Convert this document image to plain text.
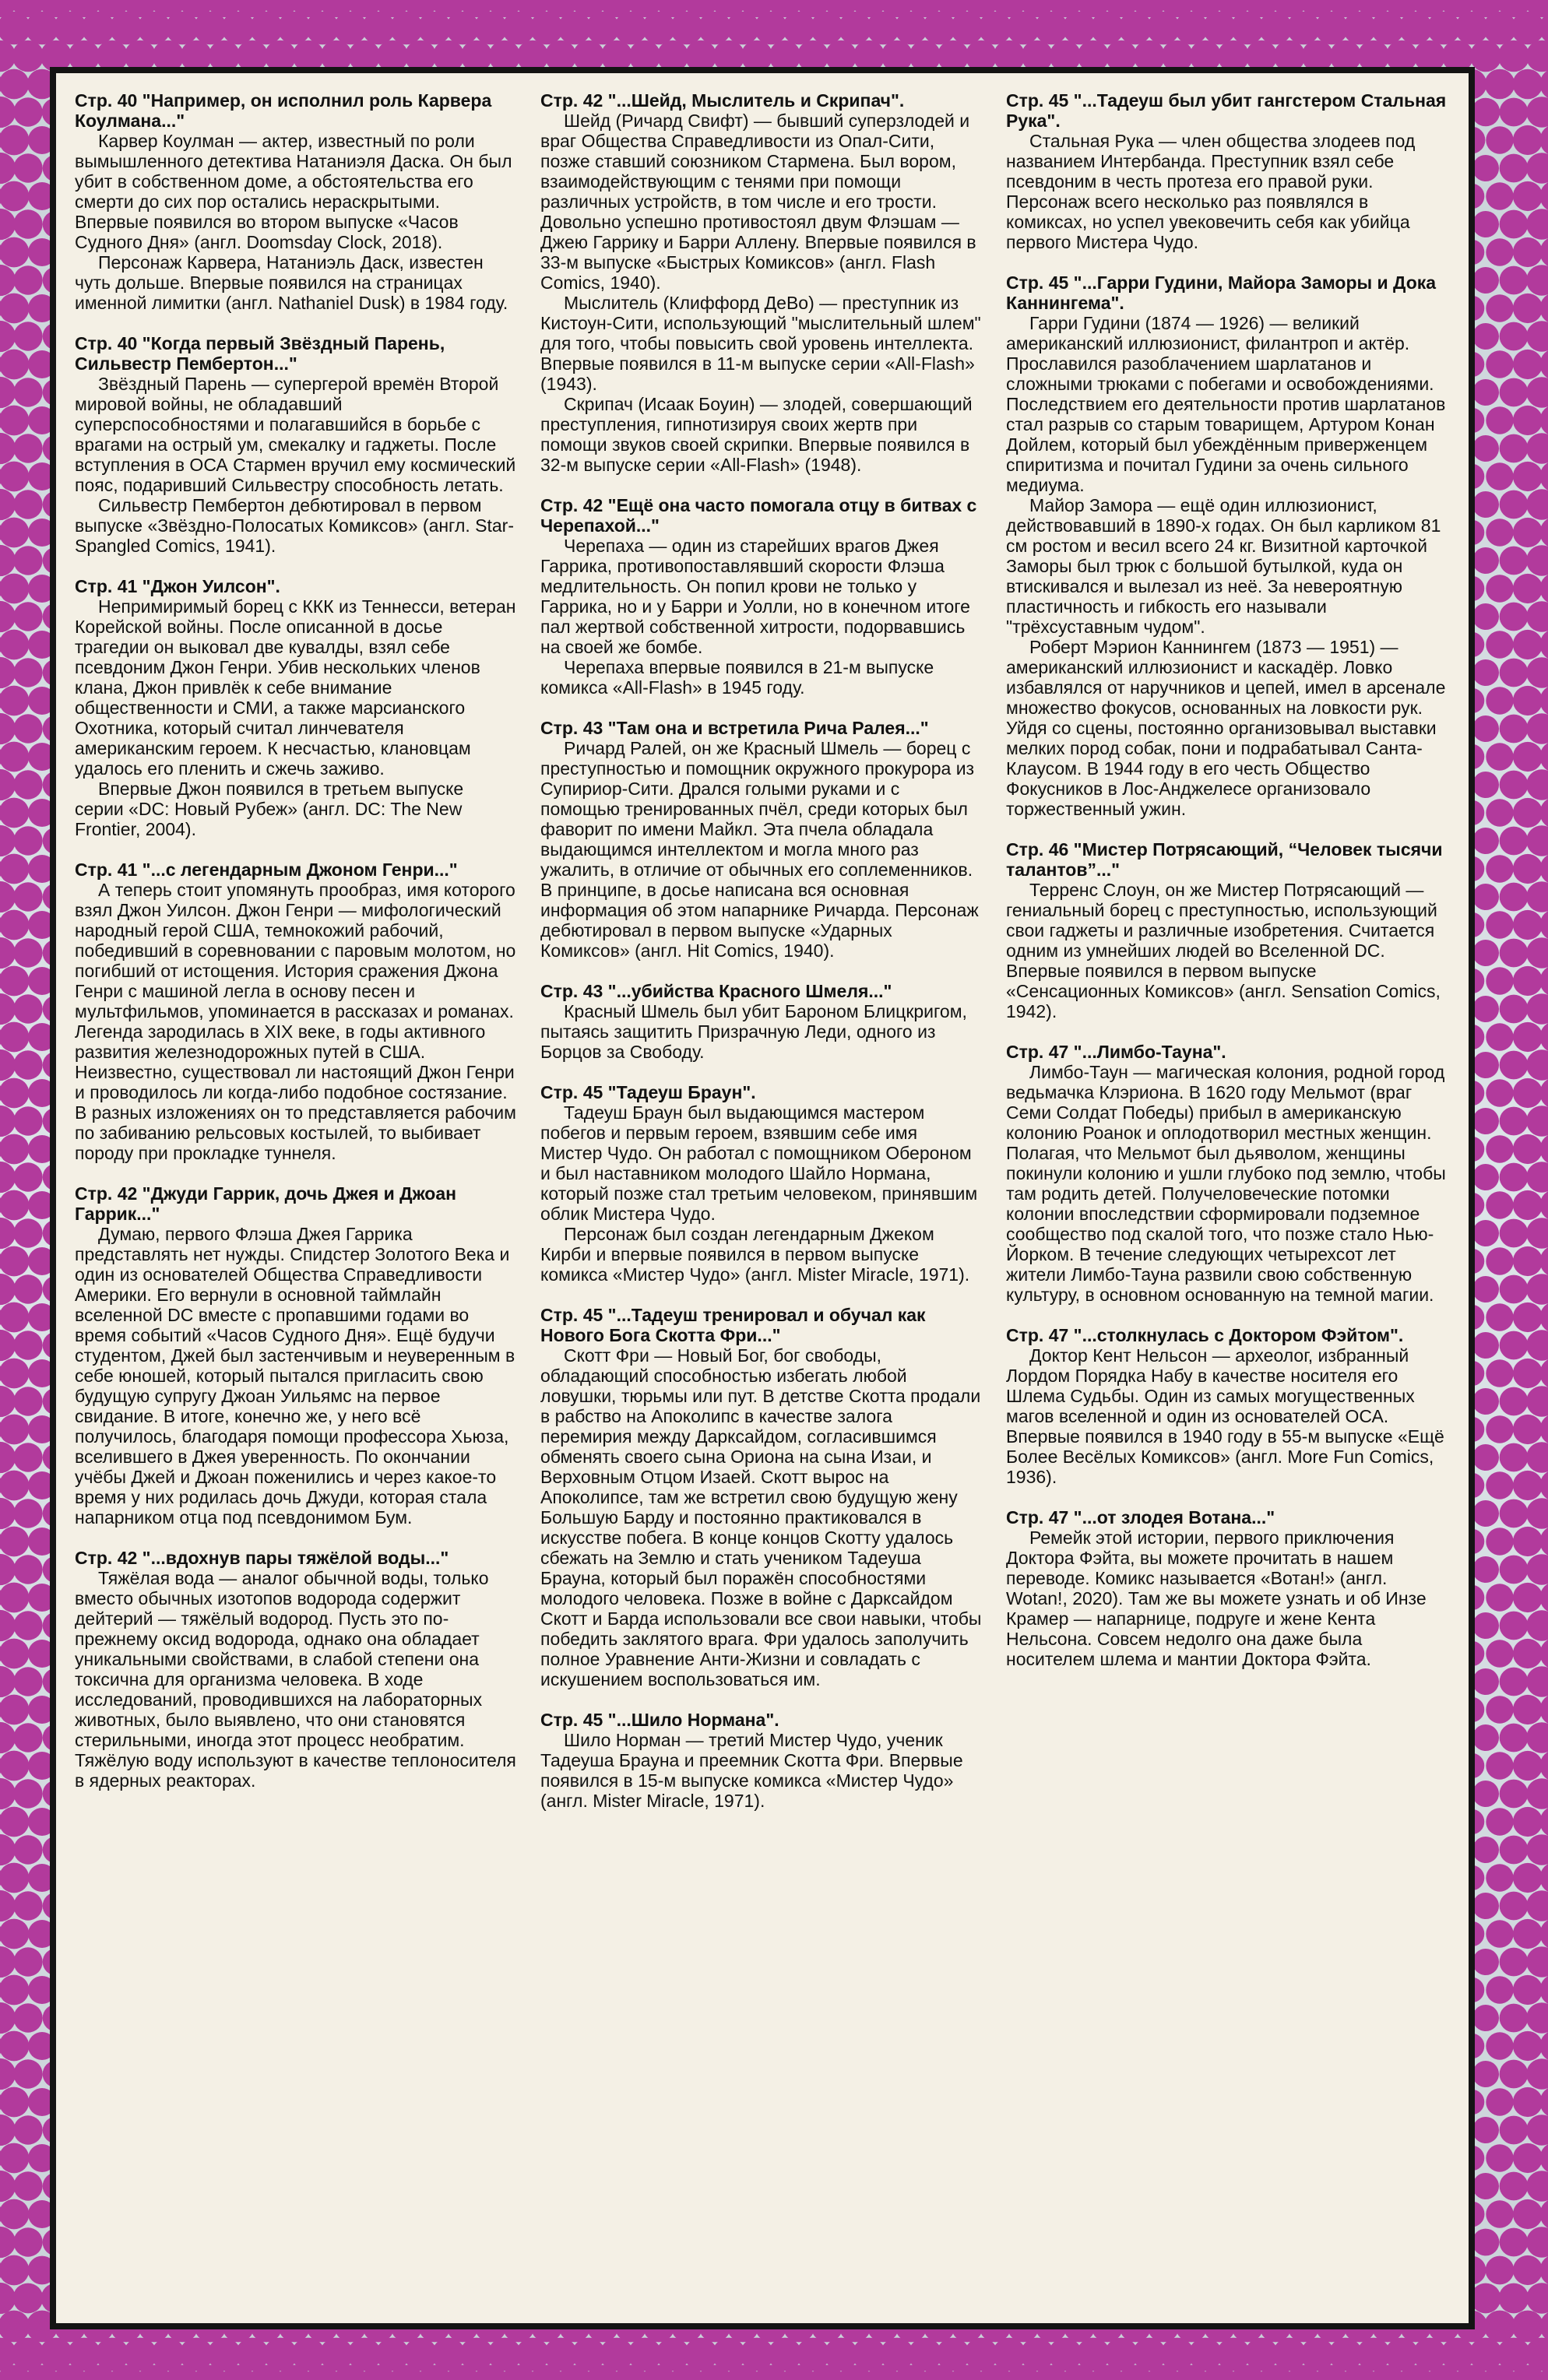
Стр. 40 "Например, он исполнил роль Карвера Коулмана..."

Карвер Коулман — актер, известный по роли вымышленного детектива Натаниэля Даска. Он был убит в собственном доме, а обстоятельства его смерти до сих пор остались нераскрытыми. Впервые появился во втором выпуске «Часов Судного Дня» (англ. Doomsday Clock, 2018).

Персонаж Карвера, Натаниэль Даск, известен чуть дольше. Впервые появился на страницах именной лимитки (англ. Nathaniel Dusk) в 1984 году.

Стр. 40 "Когда первый Звёздный Парень, Сильвестр Пембертон..."

Звёздный Парень — супергерой времён Второй мировой войны, не обладавший суперспособностями и полагавшийся в борьбе с врагами на острый ум, смекалку и гаджеты. После вступления в ОСА Стармен вручил ему космический пояс, подаривший Сильвестру способность летать.

Сильвестр Пембертон дебютировал в первом выпуске «Звёздно-Полосатых Комиксов» (англ. Star-Spangled Comics, 1941).

Стр. 41 "Джон Уилсон".

Непримиримый борец с ККК из Теннесси, ветеран Корейской войны. После описанной в досье трагедии он выковал две кувалды, взял себе псевдоним Джон Генри. Убив нескольких членов клана, Джон привлёк к себе внимание общественности и СМИ, а также марсианского Охотника, который считал линчевателя американским героем. К несчастью, клановцам удалось его пленить и сжечь заживо.

Впервые Джон появился в третьем выпуске серии «DC: Новый Рубеж» (англ. DC: The New Frontier, 2004).

Стр. 41 "...с легендарным Джоном Генри..."

А теперь стоит упомянуть прообраз, имя которого взял Джон Уилсон. Джон Генри — мифологический народный герой США, темнокожий рабочий, победивший в соревновании с паровым молотом, но погибший от истощения. История сражения Джона Генри с машиной легла в основу песен и мультфильмов, упоминается в рассказах и романах. Легенда зародилась в XIX веке, в годы активного развития железнодорожных путей в США. Неизвестно, существовал ли настоящий Джон Генри и проводилось ли когда-либо подобное состязание. В разных изложениях он то представляется рабочим по забиванию рельсовых костылей, то выбивает породу при прокладке туннеля.

Стр. 42 "Джуди Гаррик, дочь Джея и Джоан Гаррик..."

Думаю, первого Флэша Джея Гаррика представлять нет нужды. Спидстер Золотого Века и один из основателей Общества Справедливости Америки. Его вернули в основной таймлайн вселенной DC вместе с пропавшими годами во время событий «Часов Судного Дня». Ещё будучи студентом, Джей был застенчивым и неуверенным в себе юношей, который пытался пригласить свою будущую супругу Джоан Уильямс на первое свидание. В итоге, конечно же, у него всё получилось, благодаря помощи профессора Хьюза, вселившего в Джея уверенность. По окончании учёбы Джей и Джоан поженились и через какое-то время у них родилась дочь Джуди, которая стала напарником отца под псевдонимом Бум.

Стр. 42 "...вдохнув пары тяжёлой воды..."

Тяжёлая вода — аналог обычной воды, только вместо обычных изотопов водорода содержит дейтерий — тяжёлый водород. Пусть это по-прежнему оксид водорода, однако она обладает уникальными свойствами, в слабой степени она токсична для организма человека. В ходе исследований, проводившихся на лабораторных животных, было выявлено, что они становятся стерильными, иногда этот процесс необратим. Тяжёлую воду используют в качестве теплоносителя в ядерных реакторах.

Стр. 42 "...Шейд, Мыслитель и Скрипач".

Шейд (Ричард Свифт) — бывший суперзлодей и враг Общества Справедливости из Опал-Сити, позже ставший союзником Стармена. Был вором, взаимодействующим с тенями при помощи различных устройств, в том числе и его трости. Довольно успешно противостоял двум Флэшам — Джею Гаррику и Барри Аллену. Впервые появился в 33-м выпуске «Быстрых Комиксов» (англ. Flash Comics, 1940).

Мыслитель (Клиффорд ДеВо) — преступник из Кистоун-Сити, использующий "мыслительный шлем" для того, чтобы повысить свой уровень интеллекта. Впервые появился в 11-м выпуске серии «All-Flash» (1943).

Скрипач (Исаак Боуин) — злодей, совершающий преступления, гипнотизируя своих жертв при помощи звуков своей скрипки. Впервые появился в 32-м выпуске серии «All-Flash» (1948).

Стр. 42 "Ещё она часто помогала отцу в битвах с Черепахой..."

Черепаха — один из старейших врагов Джея Гаррика, противопоставлявший скорости Флэша медлительность. Он попил крови не только у Гаррика, но и у Барри и Уолли, но в конечном итоге пал жертвой собственной хитрости, подорвавшись на своей же бомбе.

Черепаха впервые появился в 21-м выпуске комикса «All-Flash» в 1945 году.

Стр. 43 "Там она и встретила Рича Ралея..."

Ричард Ралей, он же Красный Шмель — борец с преступностью и помощник окружного прокурора из Супириор-Сити. Дрался голыми руками и с помощью тренированных пчёл, среди которых был фаворит по имени Майкл. Эта пчела обладала выдающимся интеллектом и могла много раз ужалить, в отличие от обычных его соплеменников. В принципе, в досье написана вся основная информация об этом напарнике Ричарда. Персонаж дебютировал в первом выпуске «Ударных Комиксов» (англ. Hit Comics, 1940).

Стр. 43 "...убийства Красного Шмеля..."

Красный Шмель был убит Бароном Блицкригом, пытаясь защитить Призрачную Леди, одного из Борцов за Свободу.

Стр. 45 "Тадеуш Браун".

Тадеуш Браун был выдающимся мастером побегов и первым героем, взявшим себе имя Мистер Чудо. Он работал с помощником Обероном и был наставником молодого Шайло Нормана, который позже стал третьим человеком, принявшим облик Мистера Чудо.

Персонаж был создан легендарным Джеком Кирби и впервые появился в первом выпуске комикса «Мистер Чудо» (англ. Mister Miracle, 1971).

Стр. 45 "...Тадеуш тренировал и обучал как Нового Бога Скотта Фри..."

Скотт Фри — Новый Бог, бог свободы, обладающий способностью избегать любой ловушки, тюрьмы или пут. В детстве Скотта продали в рабство на Апоколипс в качестве залога перемирия между Дарксайдом, согласившимся обменять своего сына Ориона на сына Изаи, и Верховным Отцом Изаей. Скотт вырос на Апоколипсе, там же встретил свою будущую жену Большую Барду и постоянно практиковался в искусстве побега. В конце концов Скотту удалось сбежать на Землю и стать учеником Тадеуша Брауна, который был поражён способностями молодого человека. Позже в войне с Дарксайдом Скотт и Барда использовали все свои навыки, чтобы победить заклятого врага. Фри удалось заполучить полное Уравнение Анти-Жизни и совладать с искушением воспользоваться им.

Стр. 45 "...Шило Нормана".

Шило Норман — третий Мистер Чудо, ученик Тадеуша Брауна и преемник Скотта Фри. Впервые появился в 15-м выпуске комикса «Мистер Чудо» (англ. Mister Miracle, 1971).

Стр. 45 "...Тадеуш был убит гангстером Стальная Рука".

Стальная Рука — член общества злодеев под названием Интербанда. Преступник взял себе псевдоним в честь протеза его правой руки. Персонаж всего несколько раз появлялся в комиксах, но успел увековечить себя как убийца первого Мистера Чудо.

Стр. 45 "...Гарри Гудини, Майора Заморы и Дока Каннингема".

Гарри Гудини (1874 — 1926) — великий американский иллюзионист, филантроп и актёр. Прославился разоблачением шарлатанов и сложными трюками с побегами и освобождениями. Последствием его деятельности против шарлатанов стал разрыв со старым товарищем, Артуром Конан Дойлем, который был убеждённым приверженцем спиритизма и почитал Гудини за очень сильного медиума.

Майор Замора — ещё один иллюзионист, действовавший в 1890-х годах. Он был карликом 81 см ростом и весил всего 24 кг. Визитной карточкой Заморы был трюк с большой бутылкой, куда он втискивался и вылезал из неё. За невероятную пластичность и гибкость его называли "трёхсуставным чудом".

Роберт Мэрион Каннингем (1873 — 1951) — американский иллюзионист и каскадёр. Ловко избавлялся от наручников и цепей, имел в арсенале множество фокусов, основанных на ловкости рук. Уйдя со сцены, постоянно организовывал выставки мелких пород собак, пони и подрабатывал Санта-Клаусом. В 1944 году в его честь Общество Фокусников в Лос-Анджелесе организовало торжественный ужин.

Стр. 46 "Мистер Потрясающий, “Человек тысячи талантов”..."

Терренс Слоун, он же Мистер Потрясающий — гениальный борец с преступностью, использующий свои гаджеты и различные изобретения. Считается одним из умнейших людей во Вселенной DC. Впервые появился в первом выпуске «Сенсационных Комиксов» (англ. Sensation Comics, 1942).

Стр. 47 "...Лимбо-Тауна".

Лимбо-Таун — магическая колония, родной город ведьмачка Клэриона. В 1620 году Мельмот (враг Семи Солдат Победы) прибыл в американскую колонию Роанок и оплодотворил местных женщин. Полагая, что Мельмот был дьяволом, женщины покинули колонию и ушли глубоко под землю, чтобы там родить детей. Получеловеческие потомки колонии впоследствии сформировали подземное сообщество под скалой того, что позже стало Нью-Йорком. В течение следующих четырехсот лет жители Лимбо-Тауна развили свою собственную культуру, в основном основанную на темной магии.

Стр. 47 "...столкнулась с Доктором Фэйтом".

Доктор Кент Нельсон — археолог, избранный Лордом Порядка Набу в качестве носителя его Шлема Судьбы. Один из самых могущественных магов вселенной и один из основателей ОСА. Впервые появился в 1940 году в 55-м выпуске «Ещё Более Весёлых Комиксов» (англ. More Fun Comics, 1936).

Стр. 47 "...от злодея Вотана..."

Ремейк этой истории, первого приключения Доктора Фэйта, вы можете прочитать в нашем переводе. Комикс называется «Вотан!» (англ. Wotan!, 2020). Там же вы можете узнать и об Инзе Крамер — напарнице, подруге и жене Кента Нельсона. Совсем недолго она даже была носителем шлема и мантии Доктора Фэйта.
